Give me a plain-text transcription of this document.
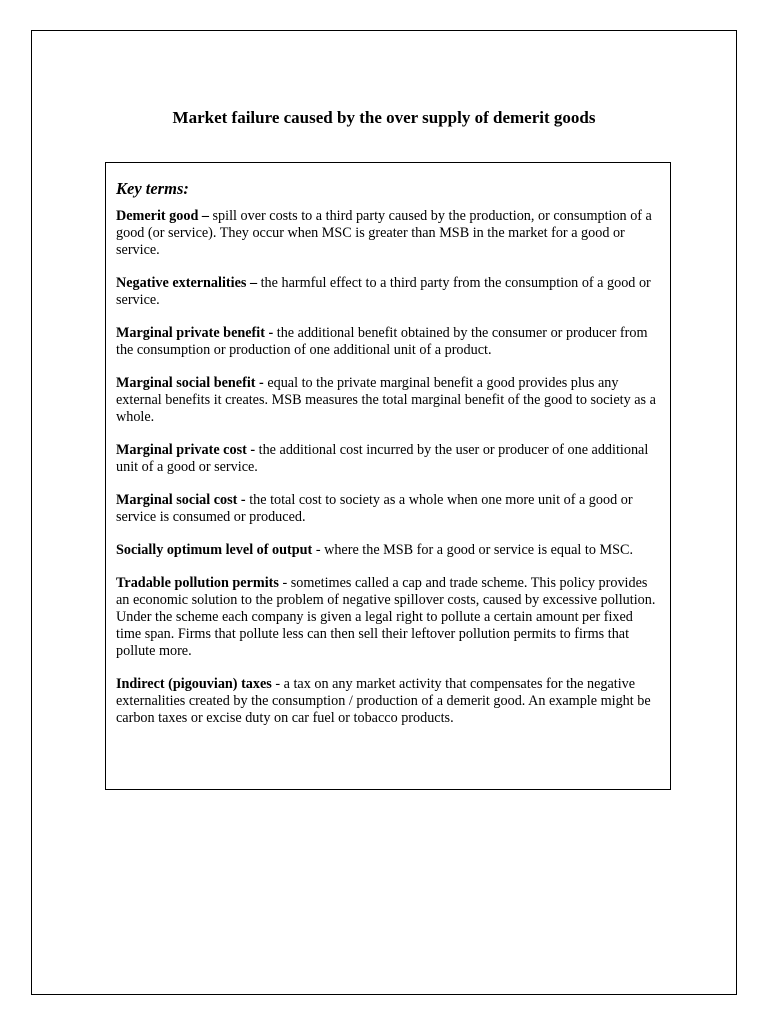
Market failure caused by the over supply of demerit goods

Key terms:

Demerit good – spill over costs to a third party caused by the production, or consumption of a good (or service). They occur when MSC is greater than MSB in the market for a good or service.

Negative externalities – the harmful effect to a third party from the consumption of a good or service.

Marginal private benefit - the additional benefit obtained by the consumer or producer from the consumption or production of one additional unit of a product.

Marginal social benefit - equal to the private marginal benefit a good provides plus any external benefits it creates. MSB measures the total marginal benefit of the good to society as a whole.

Marginal private cost - the additional cost incurred by the user or producer of one additional unit of a good or service.

Marginal social cost - the total cost to society as a whole when one more unit of a good or service is consumed or produced.

Socially optimum level of output - where the MSB for a good or service is equal to MSC.

Tradable pollution permits - sometimes called a cap and trade scheme. This policy provides an economic solution to the problem of negative spillover costs, caused by excessive pollution. Under the scheme each company is given a legal right to pollute a certain amount per fixed time span. Firms that pollute less can then sell their leftover pollution permits to firms that pollute more.

Indirect (pigouvian) taxes - a tax on any market activity that compensates for the negative externalities created by the consumption / production of a demerit good. An example might be carbon taxes or excise duty on car fuel or tobacco products.
